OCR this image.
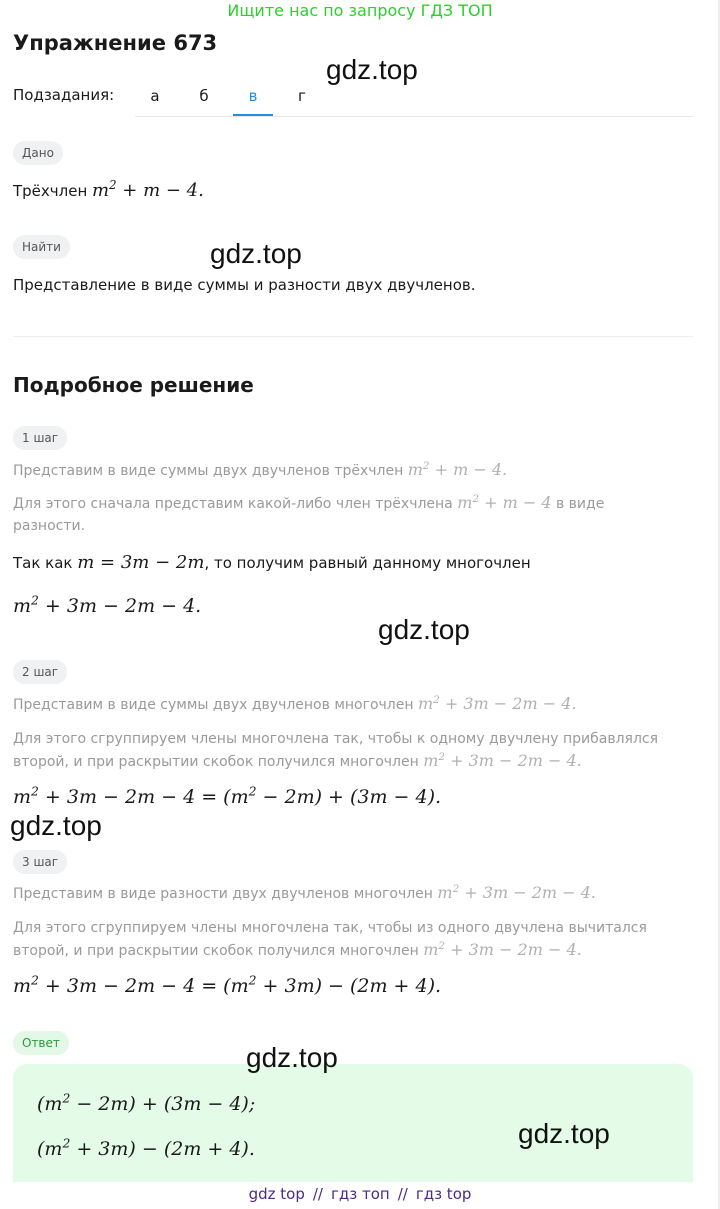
Ищите нас по запросу ГДЗ ТОП
Упражнение 673
Подзадания:	а	б	в	г
Дано
Трёхчлен $m^2 + m - 4$.
Найти
Представление в виде суммы и разности двух двучленов.
Подробное решение
1 шаг
Представим в виде суммы двух двучленов трёхчлен $m^2 + m - 4$.
Для этого сначала представим какой-либо член трёхчлена $m^2 + m - 4$ в виде
разности.
Так как m = 3m − 2m, то получим равный данному многочлен
$m^2 + 3m - 2m - 4$.
2 шаг
Представим в виде суммы двух двучленов многочлен $m^2 + 3m - 2m - 4$.
Для этого сгруппируем члены многочлена так, чтобы к одному двучлену прибавлялся
второй, и при раскрытии скобок получился многочлен $m^2 + 3m - 2m - 4$.
$m^2 + 3m - 2m - 4 = (m^2 - 2m) + (3m - 4)$.
3 шаг
Представим в виде разности двух двучленов многочлен $m^2 + 3m - 2m - 4$.
Для этого сгруппируем члены многочлена так, чтобы из одного двучлена вычитался
второй, и при раскрытии скобок получился многочлен $m^2 + 3m - 2m - 4$.
$m^2 + 3m - 2m - 4 = (m^2 + 3m) - (2m + 4)$.
Ответ
$(m^2 - 2m) + (3m - 4)$;
$(m^2 + 3m) - (2m + 4)$.
gdz.top
gdz.top
gdz.top
gdz.top
gdz.top
gdz.top
gdz top // гдз топ // гдз top
